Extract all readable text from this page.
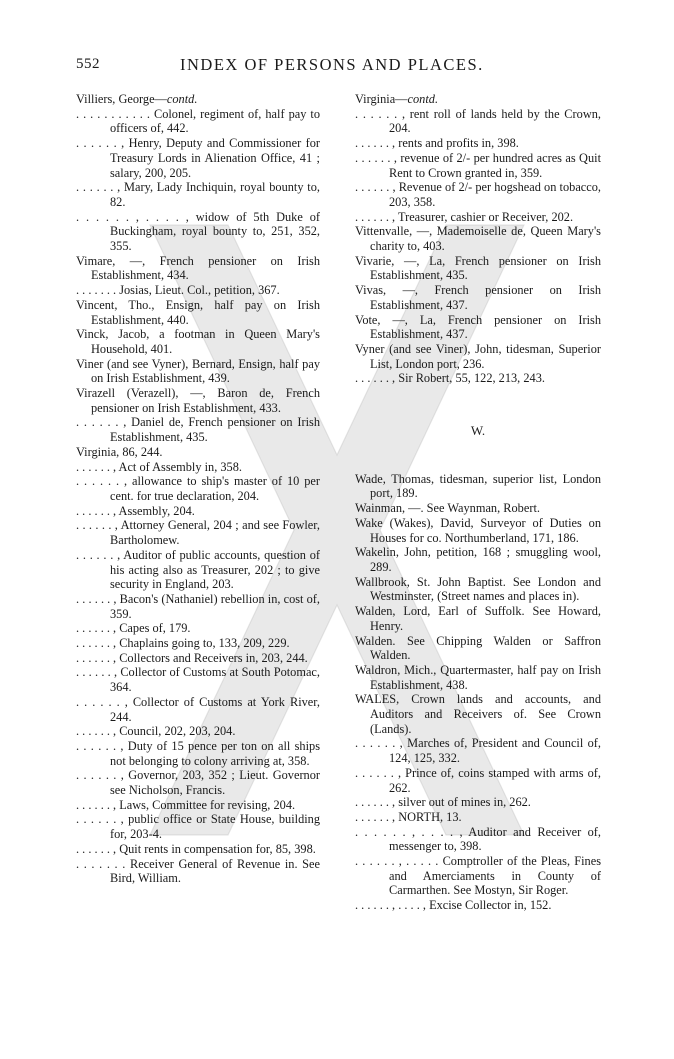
552	INDEX OF PERSONS AND PLACES.
Villiers, George—contd.
. . . . . . . . . . . Colonel, regiment of, half pay to officers of, 442.
. . . . . . , Henry, Deputy and Commissioner for Treasury Lords in Alienation Office, 41 ; salary, 200, 205.
. . . . . . , Mary, Lady Inchiquin, royal bounty to, 82.
. . . . . . , . . . . , widow of 5th Duke of Buckingham, royal bounty to, 251, 352, 355.
Vimare, —, French pensioner on Irish Establishment, 434.
. . . . . . . Josias, Lieut. Col., petition, 367.
Vincent, Tho., Ensign, half pay on Irish Establishment, 440.
Vinck, Jacob, a footman in Queen Mary's Household, 401.
Viner (and see Vyner), Bernard, Ensign, half pay on Irish Establishment, 439.
Virazell (Verazell), —, Baron de, French pensioner on Irish Establishment, 433.
. . . . . . , Daniel de, French pensioner on Irish Establishment, 435.
Virginia, 86, 244.
. . . . . . , Act of Assembly in, 358.
. . . . . . , allowance to ship's master of 10 per cent. for true declaration, 204.
. . . . . . , Assembly, 204.
. . . . . . , Attorney General, 204 ; and see Fowler, Bartholomew.
. . . . . . , Auditor of public accounts, question of his acting also as Treasurer, 202 ; to give security in England, 203.
. . . . . . , Bacon's (Nathaniel) rebellion in, cost of, 359.
. . . . . . , Capes of, 179.
. . . . . . , Chaplains going to, 133, 209, 229.
. . . . . . , Collectors and Receivers in, 203, 244.
. . . . . . , Collector of Customs at South Potomac, 364.
. . . . . . , Collector of Customs at York River, 244.
. . . . . . , Council, 202, 203, 204.
. . . . . . , Duty of 15 pence per ton on all ships not belonging to colony arriving at, 358.
. . . . . . , Governor, 203, 352 ; Lieut. Governor see Nicholson, Francis.
. . . . . . , Laws, Committee for revising, 204.
. . . . . . , public office or State House, building for, 203-4.
. . . . . . , Quit rents in compensation for, 85, 398.
. . . . . . . Receiver General of Revenue in. See Bird, William.
Virginia—contd.
. . . . . . , rent roll of lands held by the Crown, 204.
. . . . . . , rents and profits in, 398.
. . . . . . , revenue of 2/- per hundred acres as Quit Rent to Crown granted in, 359.
. . . . . . , Revenue of 2/- per hogshead on tobacco, 203, 358.
. . . . . . , Treasurer, cashier or Receiver, 202.
Vittenvalle, —, Mademoiselle de, Queen Mary's charity to, 403.
Vivarie, —, La, French pensioner on Irish Establishment, 435.
Vivas, —, French pensioner on Irish Establishment, 437.
Vote, —, La, French pensioner on Irish Establishment, 437.
Vyner (and see Viner), John, tidesman, Superior List, London port, 236.
. . . . . . , Sir Robert, 55, 122, 213, 243.
W.
Wade, Thomas, tidesman, superior list, London port, 189.
Wainman, —. See Waynman, Robert.
Wake (Wakes), David, Surveyor of Duties on Houses for co. Northumberland, 171, 186.
Wakelin, John, petition, 168 ; smuggling wool, 289.
Wallbrook, St. John Baptist. See London and Westminster, (Street names and places in).
Walden, Lord, Earl of Suffolk. See Howard, Henry.
Walden. See Chipping Walden or Saffron Walden.
Waldron, Mich., Quartermaster, half pay on Irish Establishment, 438.
WALES, Crown lands and accounts, and Auditors and Receivers of. See Crown (Lands).
. . . . . . , Marches of, President and Council of, 124, 125, 332.
. . . . . . , Prince of, coins stamped with arms of, 262.
. . . . . . , silver out of mines in, 262.
. . . . . . , NORTH, 13.
. . . . . . , . . . . , Auditor and Receiver of, messenger to, 398.
. . . . . . , . . . . . Comptroller of the Pleas, Fines and Amerciaments in County of Carmarthen. See Mostyn, Sir Roger.
. . . . . . , . . . . , Excise Collector in, 152.
